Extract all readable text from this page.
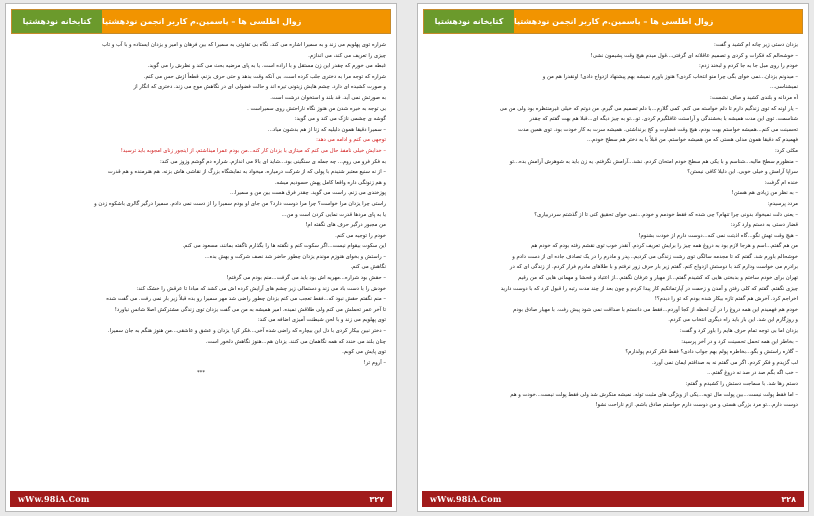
کتابخانه نودهشتیا	زوال اطلسی ها – یاسمین.م کاربر انجمن نودهشتیا

شراره توی پهلویم می زند و به سمیرا اشاره می کند. نگاه بی تفاوتی به سمیرا که بین فرهان و امیر و یزدان ایستاده و با آب و تاب

چیزی را تعریف می کند، می اندازم.

غبطه می خورم که چقدر این زن مستقل و با اراده است. یا به پای مرضیه بحث می کند و نظرش را می گوید.

شراره که توجه مرا به دختری جلب کرده است، بی آنکه وقت بدهد و حتی حرف بزنم، قطعاً ازش حس می کنم.

و صورت کشیده ای دارد. چشم هایش زیتونی تیره اند و حالت فضولی ای در نگاهش موج می زند. دختری که انگار از

به صورتش نمی آید. قد بلند و استخوان درشت است.

بی توجه به خیره شدن من هنوز نگاه ناراحتش روی سمیراست .

گوشه ی چشمی نازک می کند و می گوید:

– سمیرا دقیقا همون دلیلیه که زنا از هم بدشون میاد...

توجهی می کنم و ادامه می دهد:

– خدایش خیلی نامفذ حال می کنم که میتازی با یزدان کار کنه...من بودم عمرا میذاشتم، از اینجور زنای امجوبه باید ترسید!

به فکر فرو می روم... چه جمله ی سنگینی بود...شاید ای بالا می اندازم. شراره دم گوشم وزوز می کند:

– از نه سنیع معتبر شنیدم با پولی که از شرکت درمیاره، میخواد به نمایشگاه بزرگ از نقاشی هاش بزنه. هم هنرمنده و هم قدرت

و هم زنونگی داره واقعا کامل پهش حسودیم میشه.

پوزخندی می زنم. راست می گوید. چقدر فرق هست بین من و سمیرا...

راستی چرا یزدان مرا خواست؟ چرا مرا دوست دارد؟ من جای او بودم سمیرا را از دست نمی دادم. سمیرا درگیر گالری باشکوه زدن و

یا به پای مردها قدرت نمایی کردن است و من...

من مجبور درگیر حرف های نگفته ام!

خودم را توجیه می کنم.

این سکوت بیقوام نیست...اگر سکوت کنم و نگفته ها را بگذارم ناگفته بمانند، مسعود می کنم.

– راستش و بخوای هنوزم موندم یزدان چطور حاضر شد نصف شرکت و بهش بده...

نگاهش می کنم.

– حقش بود شراره...مهریه اش بود باید می گرفت...منم بودم می گرفتم!

خودش را با دست باد می زند و دستمالی زیر چشم های آرایش کرده اش می کشد که مبادا تا عرقش را خشک کند:

– منم نگفتم حقش نبود که...فقط تعجب می کنم یزدان چطور راضی شد مهر سمیرا رو بده قبلاً زیر بار نمی رفت. می گفت شده

تا آخر عمر تحملش می کنم ولی طلاقش نمیده. امیر همیشه به من می گفت یزدان توی زندگی مشترکش اصلا شانس نیاورد!

توی پهلویم می زند و با لحن شیطنت آمیزی اضافه می کند:

– دختر نبین بیکار کردی با دل این بیچاره که راضی شده آخی...فکر کن! یزدان و عشق و عاشقی...من هنوز هنگم به جان سمیرا.

چنان بلند می خندد که همه نگاهمان می کنند. یزدان هم...هنوز نگاهش دلخور است.

توی پایش می کوبم.

– آروم تر!

***

wWw.98iA.Com	۳۲۷
کتابخانه نودهشتیا	زوال اطلسی ها – یاسمین.م کاربر انجمن نودهشتیا

یزدان دستی زیر چانه ام کشید و گفت:

– خوشحالم که فکرات و کردی و تصمیم عاقلانه ای گرفتی...قول میدم هیچ وقت پشیمون نشی!

خودم را روی مبل جا به جا کردم و لبخند زدم:

– میدونم یزدان...نمی خوای بگی چرا منو انتخاب کردی؟ هنوز باورم نمیشه بهم پیشنهاد ازدواج دادی! اونقدرا هم من و

نمیشناسی...

آه مردانه و بلندی کشید و صاف نشست:

– یار اونه که توی زندگیم دارم تا دلم خواسته می کنم. کمی گلارم...با دلم تصمیم می گیرم. من دوتم که خیلی غیرمنتظره بود ولی من می

شناسمت. توی این مدت همیشه با بخشندگی و آراستت غافلگیرم کردی. تو...تو به چیز دیگه ای...قبلا هم بهت گفتم که چقدر

تحسینت می کنم...همیشه خواستم بهت بودم، هیچ وقت قضاوت و کج برنداشتی. همیشه سرت به کار خودت بود. توی همین مدت

فهمیدم که دقیقا همون مدلی هستی که من همیشه خواستم. من قبلاً با یه دختر هم سطح خودم...

مکثی کرد:

– منظورم سطح مالیه...شناسم و با یکی هم سطح خودم امتحان کردم. نشد...آرامش نگرفتم. یه زن باید به شوهرش آرامش بده...تو

سراپا آرامش و خیلی خوبی. این دلیلا کافی نیستن؟

خنده ام گرفت:

– به نظر من زیادی هم هستن!

مردد پرسیدم:

– یعنی دلت نمیخواد بدونی چرا تنهام؟ چی شده که فقط خودمم و خودم...نمی خوای تحقیق کنی تا از گذشتم سردربیاری؟

قضار دستی به دستم وارد کرد:

– هیچ وقت تهش نگو...گاه اذیتت نمی کنه...دوست دارم از خودت بشنوم!

من هم گفتم...اسم و هرجا لازم بود به دروغ همه چیز را برایش تعریف کردم. آنقدر خوب توی نقشم رفته بودم که خودم هم

خوشحالم باورم شد. گفتم که تا مجدمه سالگی توی رشت زندگی می کردیم...پدر و مادرم را در یک تصادف جاده ای از دست دادم و

برادرم می خواست ودارم کند با دوستش ازدواج کنم. گفتم زیر بار حرف زور نرفتم و با طلاهای مادرم فرار کردم. از زندگی ای که در

تهران برای خودم ساختم و بدبختی هایی که کشیدم گفتم...از مهیار و عرفان نگفتم...از اعتیاد و فحشا و مهمانی هایی که من رقیم

چیزی نگفتم. گفتم که کلی رفتن و آمدن و زحمت در آپارتمانکیم کار پیدا کردم و چون بعد از چند مدت رتبه را قبول کرد که با دوست دارید

اخراجم کرد. آخرش هم گفتم تازه بیکار شده بودم که تو را دیدم؟!

خودم هم فهمیدم این همه دروغ را در آن لحظه از کجا آوردم...فقط می دانستم با صداقت نمی شود پیش رفت. با مهیار صادق بودم

و روزگارم این شد. این بار باید راه دیگری انتخاب می کردم.

یزدان اما بی توجه تمام حرف هایم را باور کرد و گفت:

– بخاطر این همه تحمل تحسینت کرد و در آخر پرسید:

– گلاره راستش و بگو...بخاطره پولم بهم جواب دادی؟ فقط فکر کردم پولدارم؟

لب گزیدم و فکر کردم. اگر می گفتم نه به صداقتم ایمان نمی آورد.

– خب اگه بگم صد در صد نه دروغ گفتم...

دستم رها شد. با سماجت دستش را کشیدم و گفتم:

– اما فقط پولت نیست...بین پولت مال تویه...یکی از ویژگی های مثبت توئه. نمیشه منکرش شد ولی فقط پولت نیست...خودت و هم

دوست دارم...تو مرد بزرگی هستی و من دوست دارم حواستم صادق باشم. ازم ناراحت نشو!

wWw.98iA.Com	۳۲۸
